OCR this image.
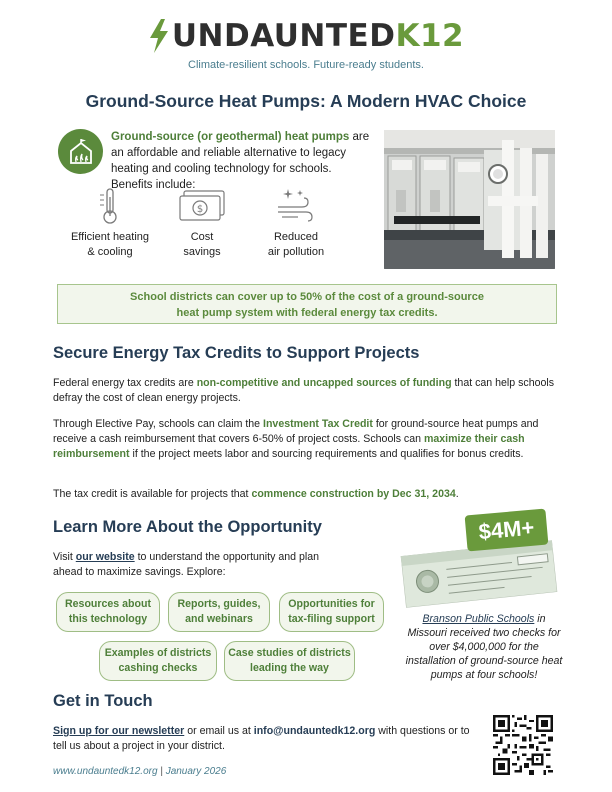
UNDAUNTEDK12
Climate-resilient schools. Future-ready students.
Ground-Source Heat Pumps: A Modern HVAC Choice

Ground-source (or geothermal) heat pumps are an affordable and reliable alternative to legacy heating and cooling technology for schools. Benefits include:

Efficient heating
& cooling
$
Cost
savings
Reduced
air pollution
School districts can cover up to 50% of the cost of a ground-source
heat pump system with federal energy tax credits.
Secure Energy Tax Credits to Support Projects

Federal energy tax credits are non-competitive and uncapped sources of funding that can help schools defray the cost of clean energy projects.

Through Elective Pay, schools can claim the Investment Tax Credit for ground-source heat pumps and receive a cash reimbursement that covers 6-50% of project costs. Schools can maximize their cash reimbursement if the project meets labor and sourcing requirements and qualifies for bonus credits.

The tax credit is available for projects that commence construction by Dec 31, 2034.

Learn More About the Opportunity

Visit our website to understand the opportunity and plan ahead to maximize savings. Explore:

Resources about
this technology
Reports, guides,
and webinars
Opportunities for
tax-filing support
Examples of districts
cashing checks
Case studies of districts
leading the way
$4M+

Branson Public Schools in Missouri received two checks for over $4,000,000 for the installation of ground-source heat pumps at four schools!

Get in Touch

Sign up for our newsletter or email us at info@undauntedk12.org with questions or to tell us about a project in your district.

www.undauntedk12.org | January 2026
